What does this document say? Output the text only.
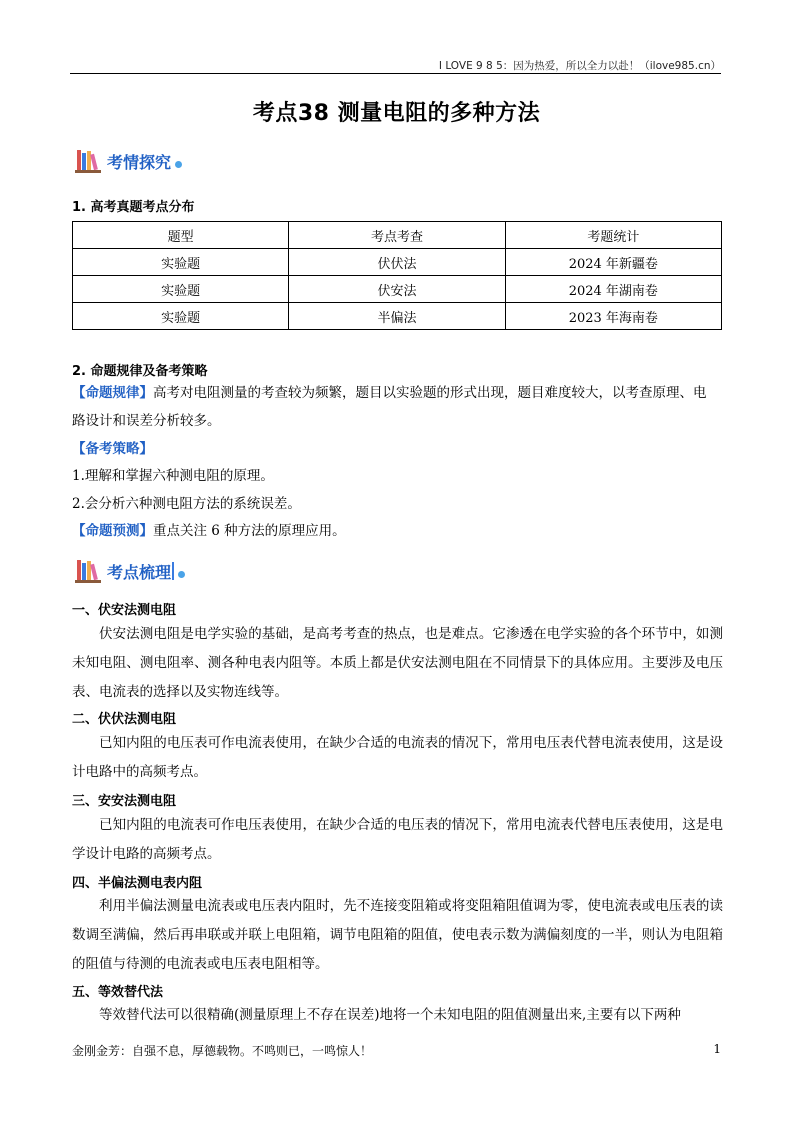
I LOVE 9 8 5：因为热爱，所以全力以赴！（ilove985.cn）
考点38 测量电阻的多种方法
考情探究
1. 高考真题考点分布
题型	考点考查	考题统计
实验题	伏伏法	2024 年新疆卷
实验题	伏安法	2024 年湖南卷
实验题	半偏法	2023 年海南卷
2. 命题规律及备考策略

【命题规律】高考对电阻测量的考查较为频繁，题目以实验题的形式出现，题目难度较大，以考查原理、电

路设计和误差分析较多。

【备考策略】

1.理解和掌握六种测电阻的原理。

2.会分析六种测电阻方法的系统误差。

【命题预测】重点关注 6 种方法的原理应用。

考点梳理
一、伏安法测电阻

伏安法测电阻是电学实验的基础，是高考考查的热点，也是难点。它渗透在电学实验的各个环节中，如测未知电阻、测电阻率、测各种电表内阻等。本质上都是伏安法测电阻在不同情景下的具体应用。主要涉及电压表、电流表的选择以及实物连线等。

二、伏伏法测电阻

已知内阻的电压表可作电流表使用，在缺少合适的电流表的情况下，常用电压表代替电流表使用，这是设计电路中的高频考点。

三、安安法测电阻

已知内阻的电流表可作电压表使用，在缺少合适的电压表的情况下，常用电流表代替电压表使用，这是电学设计电路的高频考点。

四、半偏法测电表内阻

利用半偏法测量电流表或电压表内阻时，先不连接变阻箱或将变阻箱阻值调为零，使电流表或电压表的读数调至满偏，然后再串联或并联上电阻箱，调节电阻箱的阻值，使电表示数为满偏刻度的一半，则认为电阻箱的阻值与待测的电流表或电压表电阻相等。

五、等效替代法

等效替代法可以很精确(测量原理上不存在误差)地将一个未知电阻的阻值测量出来,主要有以下两种

金刚金芳：自强不息，厚德载物。不鸣则已，一鸣惊人！	1
